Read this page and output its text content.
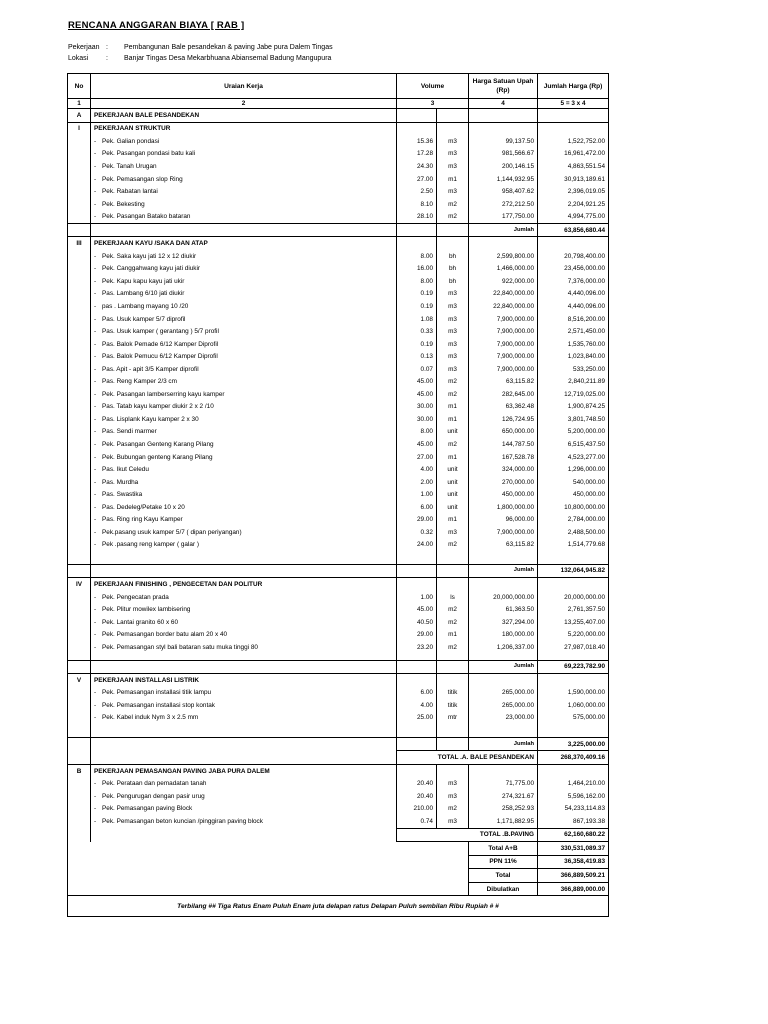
RENCANA ANGGARAN BIAYA [ RAB ]
Pekerjaan : Pembangunan Bale pesandekan & paving Jabe pura Dalem Tingas
Lokasi	: Banjar Tingas Desa Mekarbhuana Abiansemal Badung Mangupura
No	Uraian Kerja	Volume		Harga Satuan Upah (Rp)	Jumlah Harga (Rp)
1	2	3		4	5 = 3 x 4
A	PEKERJAAN BALE PESANDEKAN				
I	PEKERJAAN STRUKTUR				
	- Pek. Galian pondasi	15.36	m3	99,137.50	1,522,752.00
	- Pek. Pasangan pondasi batu kali	17.28	m3	981,566.67	16,961,472.00
	- Pek. Tanah Urugan	24.30	m3	200,146.15	4,863,551.54
	- Pek. Pemasangan slop Ring	27.00	m1	1,144,932.95	30,913,189.61
	- Pek. Rabatan lantai	2.50	m3	958,407.62	2,396,019.05
	- Pek. Bekesting	8.10	m2	272,212.50	2,204,921.25
	- Pek. Pasangan Batako bataran	28.10	m2	177,750.00	4,994,775.00
				Jumlah	63,856,680.44
III	PEKERJAAN KAYU /SAKA DAN ATAP				
	- Pek. Saka kayu jati 12 x 12 diukir	8.00	bh	2,599,800.00	20,798,400.00
	- Pek. Canggahwang kayu jati diukir	16.00	bh	1,466,000.00	23,456,000.00
	- Pek. Kapu kapu kayu jati ukir	8.00	bh	922,000.00	7,376,000.00
	- Pas. Lambang 6/10 jati diukir	0.19	m3	22,840,000.00	4,440,096.00
	- pas . Lambang mayang 10 /20	0.19	m3	22,840,000.00	4,440,096.00
	- Pas. Usuk kamper 5/7 diprofil	1.08	m3	7,900,000.00	8,516,200.00
	- Pas. Usuk kamper ( gerantang ) 5/7 profil	0.33	m3	7,900,000.00	2,571,450.00
	- Pas. Balok Pemade 6/12 Kamper Diprofil	0.19	m3	7,900,000.00	1,535,760.00
	- Pas. Balok Pemucu 6/12 Kamper Diprofil	0.13	m3	7,900,000.00	1,023,840.00
	- Pas. Apit - apit 3/5 Kamper diprofil	0.07	m3	7,900,000.00	533,250.00
	- Pas. Reng Kamper 2/3 cm	45.00	m2	63,115.82	2,840,211.89
	- Pek. Pasangan lamberserring kayu kamper	45.00	m2	282,645.00	12,719,025.00
	- Pas. Tatab kayu kamper diukir 2 x 2 /10	30.00	m1	63,362.48	1,900,874.25
	- Pas. Lisplank Kayu kamper 2 x 30	30.00	m1	126,724.95	3,801,748.50
	- Pas. Sendi marmer	8.00	unit	650,000.00	5,200,000.00
	- Pek. Pasangan Genteng Karang Pilang	45.00	m2	144,787.50	6,515,437.50
	- Pek. Bubungan genteng Karang Pilang	27.00	m1	167,528.78	4,523,277.00
	- Pas. Ikut Celedu	4.00	unit	324,000.00	1,296,000.00
	- Pas. Murdha	2.00	unit	270,000.00	540,000.00
	- Pas. Swastika	1.00	unit	450,000.00	450,000.00
	- Pas. Dedeleg/Petake 10 x 20	6.00	unit	1,800,000.00	10,800,000.00
	- Pas. Ring ring Kayu Kamper	29.00	m1	96,000.00	2,784,000.00
	- Pek.pasang usuk kamper 5/7 ( dipan periyangan)	0.32	m3	7,900,000.00	2,488,500.00
	- Pek .pasang reng kamper ( galar )	24.00	m2	63,115.82	1,514,779.68

				Jumlah	132,064,945.82
IV	PEKERJAAN FINISHING , PENGECETAN DAN POLITUR				
	- Pek. Pengecatan prada	1.00	ls	20,000,000.00	20,000,000.00
	- Pek. Plitur mowilex lambisering	45.00	m2	61,363.50	2,761,357.50
	- Pek. Lantai granito 60 x 60	40.50	m2	327,294.00	13,255,407.00
	- Pek. Pemasangan border batu alam 20 x 40	29.00	m1	180,000.00	5,220,000.00
	- Pek. Pemasangan styl bali bataran satu muka tinggi 80	23.20	m2	1,206,337.00	27,987,018.40

				Jumlah	69,223,782.90
V	PEKERJAAN INSTALLASI LISTRIK				
	- Pek. Pemasangan installasi titik lampu	6.00	titik	265,000.00	1,590,000.00
	- Pek. Pemasangan installasi stop kontak	4.00	titik	265,000.00	1,060,000.00
	- Pek. Kabel induk Nym 3 x 2.5 mm	25.00	mtr	23,000.00	575,000.00

				Jumlah	3,225,000.00
		TOTAL .A. BALE PESANDEKAN			268,370,409.16
B	PEKERJAAN PEMASANGAN PAVING JABA PURA DALEM				
	- Pek. Perataan dan pemadatan tanah	20.40	m3	71,775.00	1,464,210.00
	- Pek. Pengurugan dengan pasir urug	20.40	m3	274,321.67	5,596,162.00
	- Pek. Pemasangan paving Block	210.00	m2	258,252.93	54,233,114.83
	- Pek. Pemasangan beton kuncian /pinggiran paving block	0.74	m3	1,171,882.95	867,193.38
		TOTAL .B.PAVING			62,160,680.22
				Total A+B	330,531,089.37
				PPN 11%	36,358,419.83
				Total	366,889,509.21
				Dibulatkan	366,889,000.00
Terbilang ## Tiga Ratus Enam Puluh Enam juta delapan ratus Delapan Puluh sembilan Ribu Rupiah # #					
